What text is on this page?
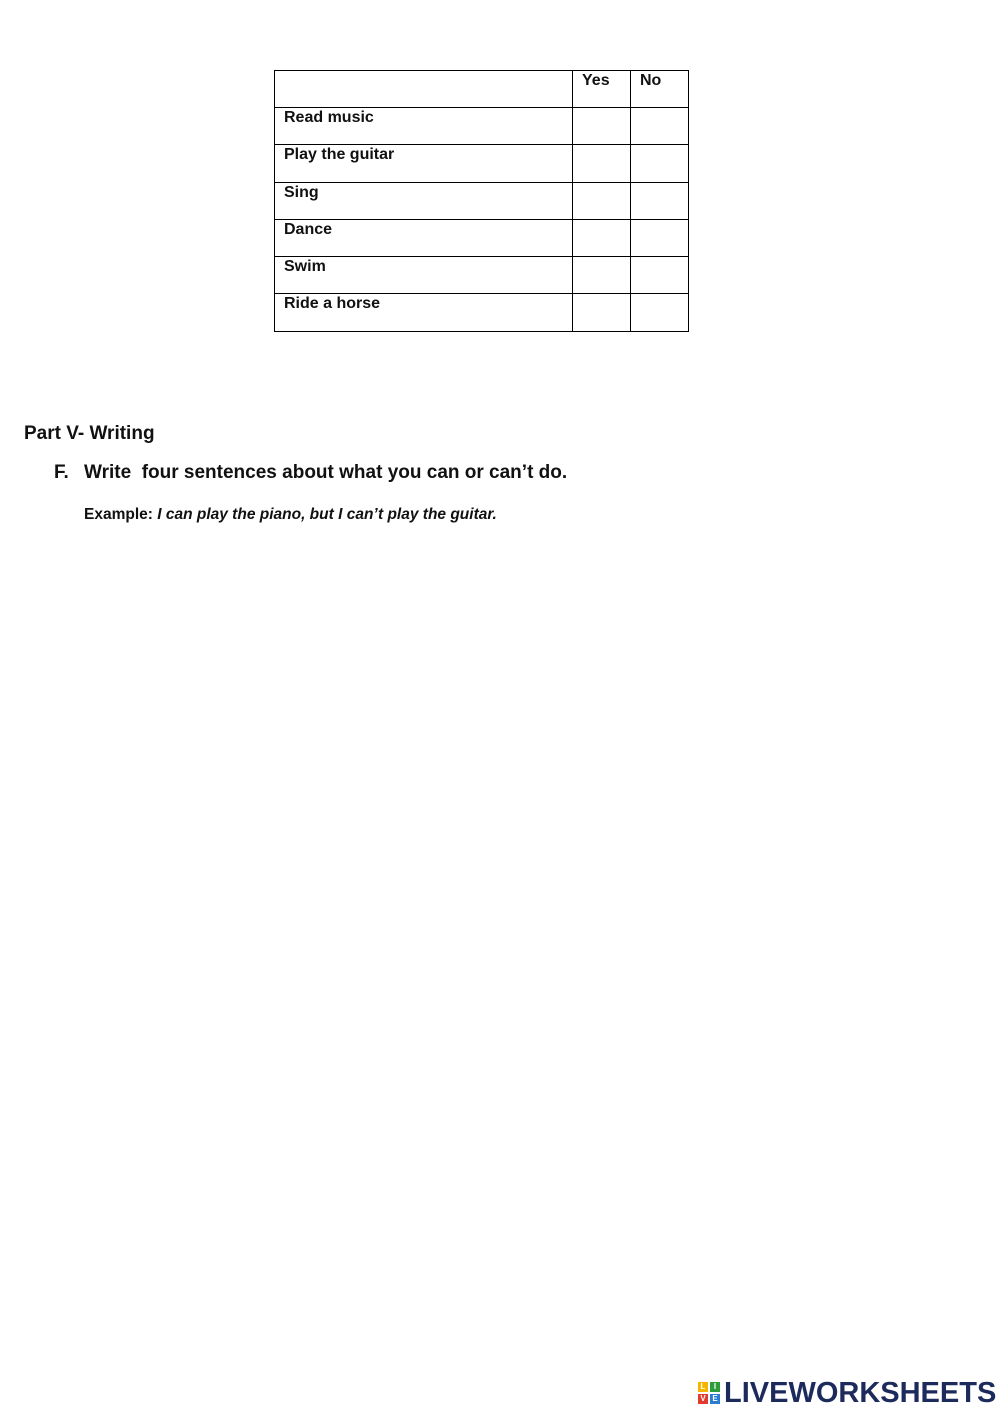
	Yes	No

Read music		

Play the guitar		

Sing		

Dance		

Swim		

Ride a horse		

Part V- Writing

F. Write  four sentences about what you can or can’t do.

Example: I can play the piano, but I can’t play the guitar.

L	I
V E LIVEWORKSHEETS
